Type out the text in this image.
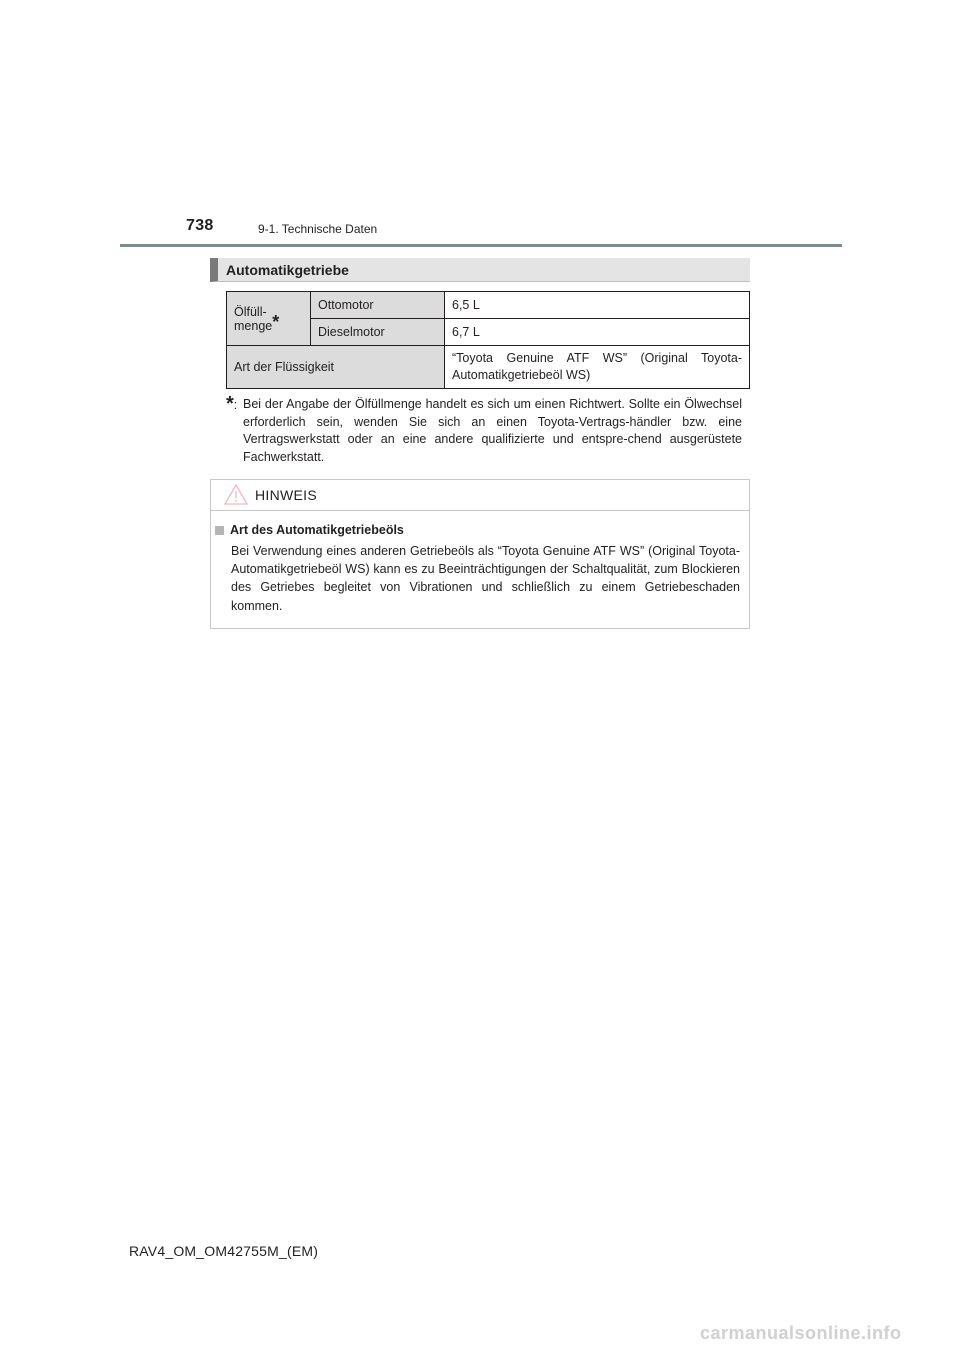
738	9-1. Technische Daten
Automatikgetriebe
Ölfüll-
menge*	Ottomotor	6,5 L
	Dieselmotor	6,7 L
Art der Flüssigkeit		“Toyota Genuine ATF WS” (Original Toyota-Automatikgetriebeöl WS)
*: Bei der Angabe der Ölfüllmenge handelt es sich um einen Richtwert. Sollte ein Ölwechsel erforderlich sein, wenden Sie sich an einen Toyota-Vertrags-händler bzw. eine Vertragswerkstatt oder an eine andere qualifizierte und entspre-chend ausgerüstete Fachwerkstatt.
HINWEIS
Art des Automatikgetriebeöls
Bei Verwendung eines anderen Getriebeöls als “Toyota Genuine ATF WS” (Original Toyota-Automatikgetriebeöl WS) kann es zu Beeinträchtigungen der Schaltqualität, zum Blockieren des Getriebes begleitet von Vibrationen und schließlich zu einem Getriebeschaden kommen.
RAV4_OM_OM42755M_(EM)
carmanualsonline.info
